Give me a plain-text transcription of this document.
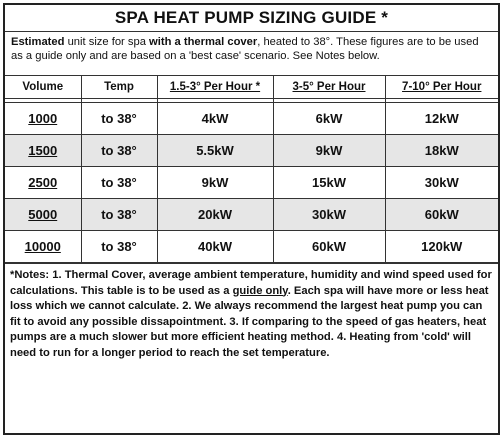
SPA HEAT PUMP SIZING GUIDE *
Estimated unit size for spa with a thermal cover, heated to 38°. These figures are to be used as a guide only and are based on a 'best case' scenario. See Notes below.
Volume	Temp	1.5-3° Per Hour *	3-5° Per Hour	7-10° Per Hour

1000	to 38°	4kW	6kW	12kW
1500	to 38°	5.5kW	9kW	18kW
2500	to 38°	9kW	15kW	30kW
5000	to 38°	20kW	30kW	60kW
10000	to 38°	40kW	60kW	120kW
*Notes: 1. Thermal Cover, average ambient temperature, humidity and wind speed used for calculations. This table is to be used as a guide only. Each spa will have more or less heat loss which we cannot calculate. 2. We always recommend the largest heat pump you can fit to avoid any possible dissapointment. 3. If comparing to the speed of gas heaters, heat pumps are a much slower but more efficient heating method. 4. Heating from 'cold' will need to run for a longer period to reach the set temperature.
